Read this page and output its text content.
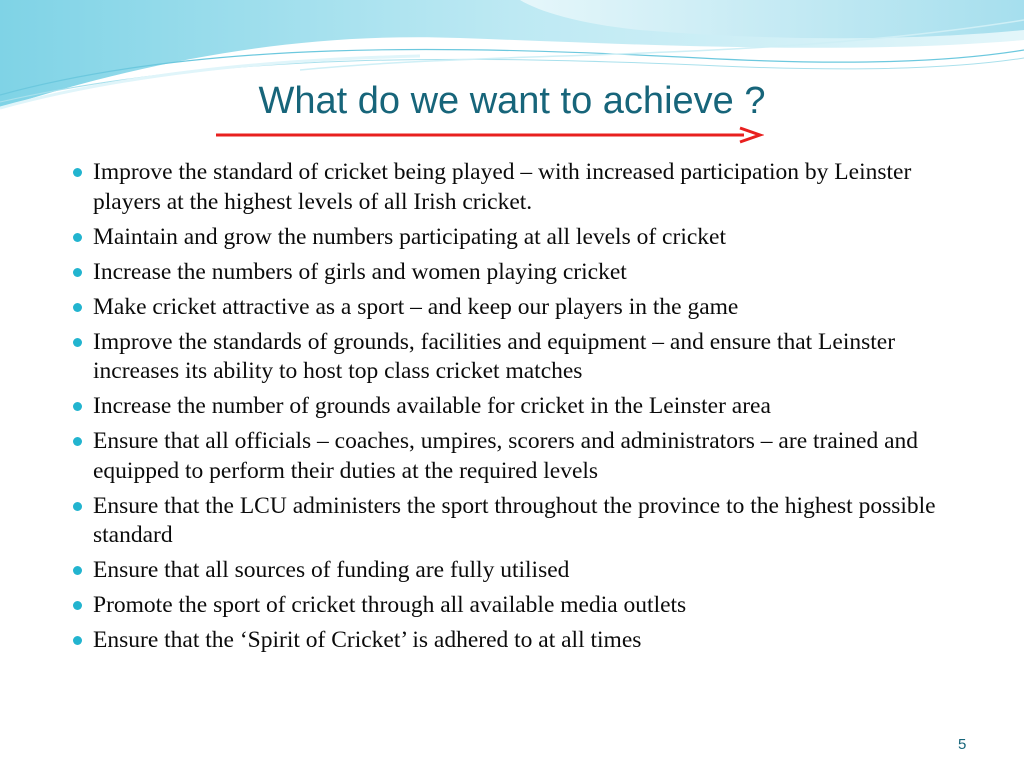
What do we want to achieve ?
Improve the standard of cricket being played – with increased participation by Leinster players at the highest levels of all Irish cricket.
Maintain and grow the numbers participating at all levels of cricket
Increase the numbers of girls and women playing cricket
Make cricket attractive as a sport – and keep our players in the game
Improve the standards of grounds, facilities and equipment – and ensure that Leinster increases its ability to host top class cricket matches
Increase the number of grounds available for cricket in the Leinster area
Ensure that all officials – coaches, umpires, scorers and administrators – are trained and equipped to perform their duties at the required levels
Ensure that the LCU administers the sport throughout the province to the highest possible standard
Ensure that all sources of funding are fully utilised
Promote the sport of cricket through all available media outlets
Ensure that the ‘Spirit of Cricket’ is adhered to at all times
5
